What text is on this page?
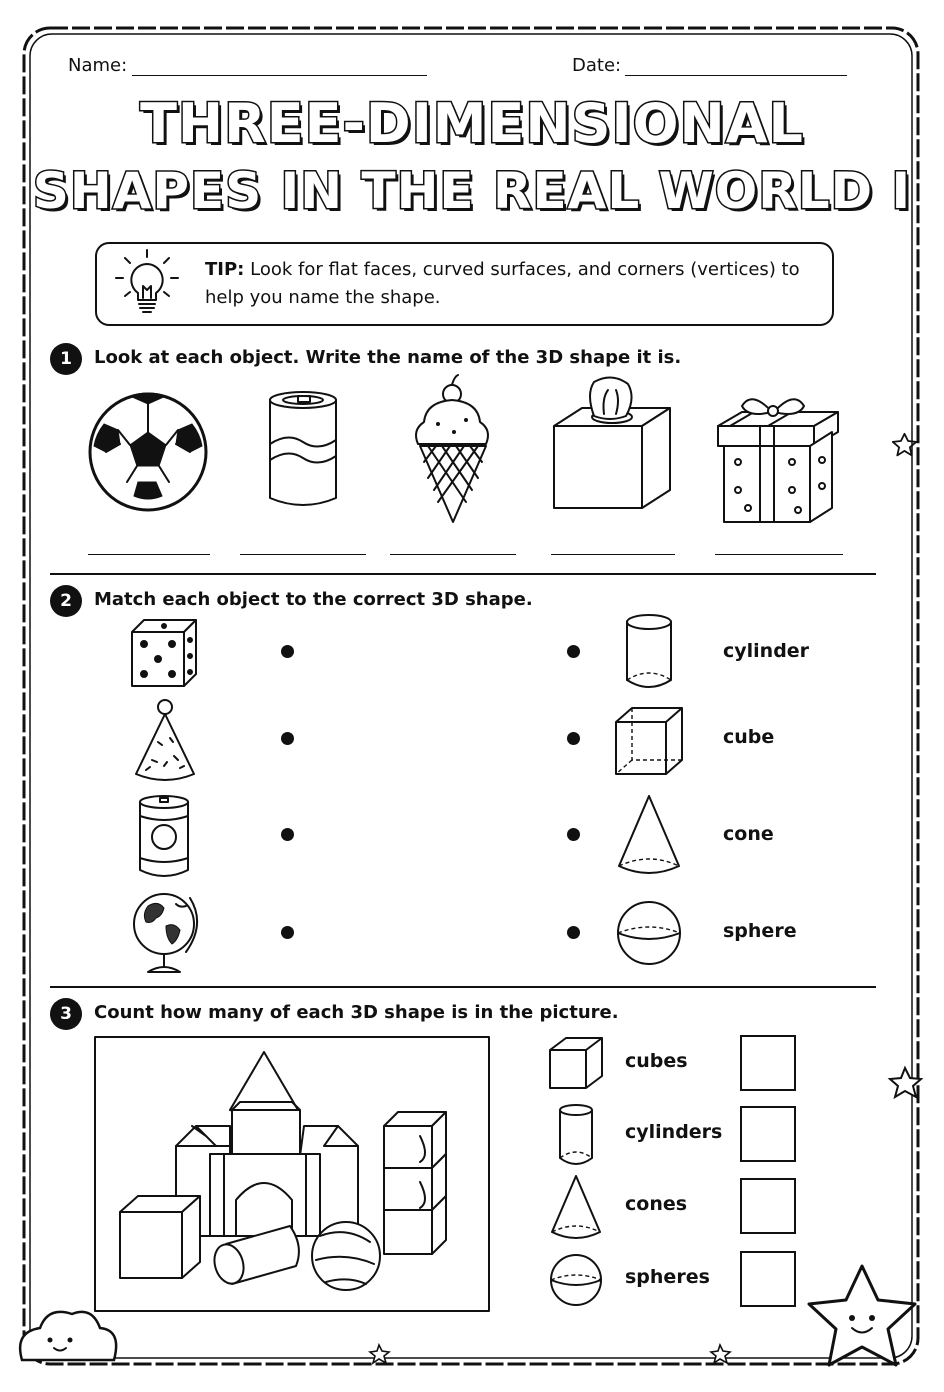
Name:	Date:
THREE-DIMENSIONAL
SHAPES IN THE REAL WORLD I
TIP: Look for flat faces, curved surfaces, and corners (vertices) to help you name the shape.
1	Look at each object. Write the name of the 3D shape it is.
2	Match each object to the correct 3D shape.
cylinder
cube
cone
sphere
3	Count how many of each 3D shape is in the picture.
cubes
cylinders
cones
spheres
